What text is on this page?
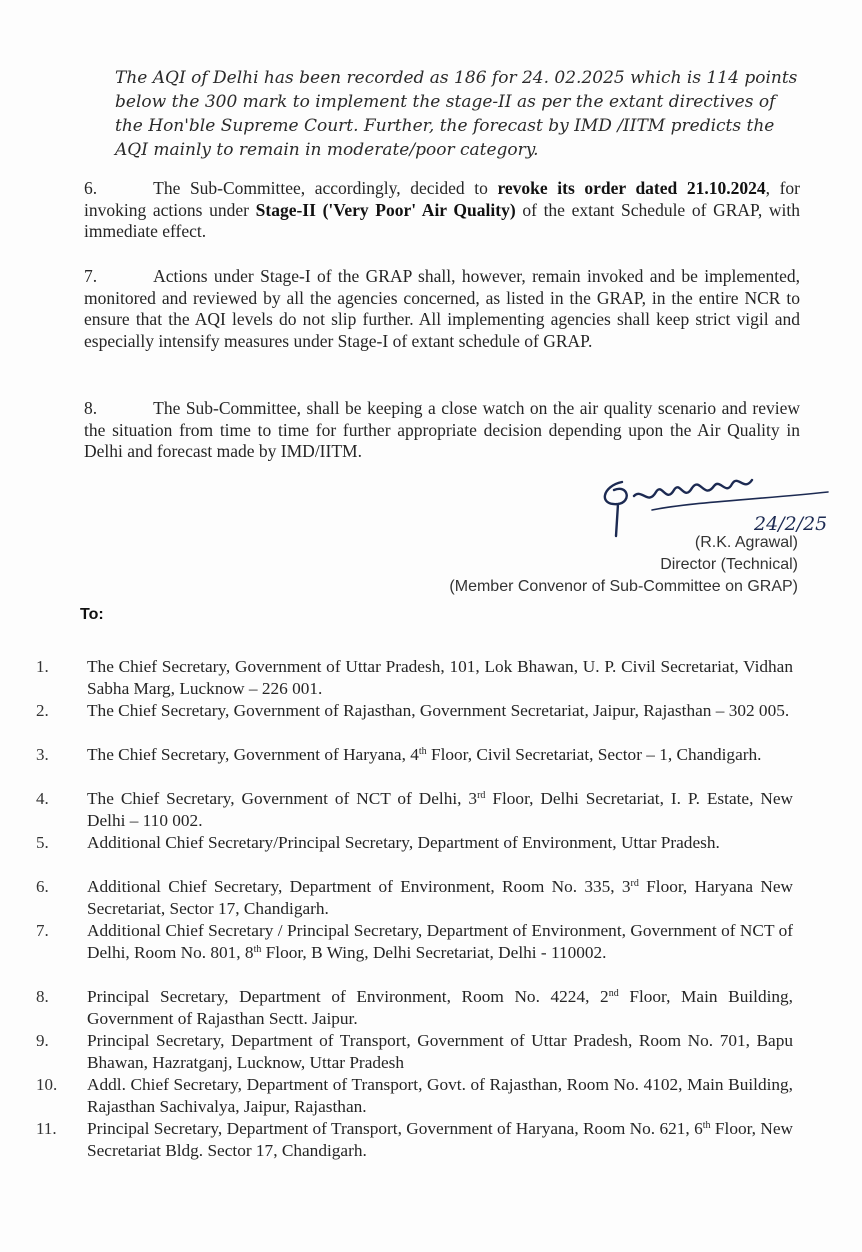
The AQI of Delhi has been recorded as 186 for 24. 02.2025 which is 114 points below the 300 mark to implement the stage-II as per the extant directives of the Hon'ble Supreme Court. Further, the forecast by IMD /IITM predicts the AQI mainly to remain in moderate/poor category.
6.	The Sub-Committee, accordingly, decided to revoke its order dated 21.10.2024, for invoking actions under Stage-II ('Very Poor' Air Quality) of the extant Schedule of GRAP, with immediate effect.
7.	Actions under Stage-I of the GRAP shall, however, remain invoked and be implemented, monitored and reviewed by all the agencies concerned, as listed in the GRAP, in the entire NCR to ensure that the AQI levels do not slip further. All implementing agencies shall keep strict vigil and especially intensify measures under Stage-I of extant schedule of GRAP.
8.	The Sub-Committee, shall be keeping a close watch on the air quality scenario and review the situation from time to time for further appropriate decision depending upon the Air Quality in Delhi and forecast made by IMD/IITM.
24/2/25
(R.K. Agrawal)
Director (Technical)
(Member Convenor of Sub-Committee on GRAP)
To:
1.	The Chief Secretary, Government of Uttar Pradesh, 101, Lok Bhawan, U. P. Civil Secretariat, Vidhan Sabha Marg, Lucknow – 226 001.
2.	The Chief Secretary, Government of Rajasthan, Government Secretariat, Jaipur, Rajasthan – 302 005.
3.	The Chief Secretary, Government of Haryana, 4th Floor, Civil Secretariat, Sector – 1, Chandigarh.
4.	The Chief Secretary, Government of NCT of Delhi, 3rd Floor, Delhi Secretariat, I. P. Estate, New Delhi – 110 002.
5.	Additional Chief Secretary/Principal Secretary, Department of Environment, Uttar Pradesh.
6.	Additional Chief Secretary, Department of Environment, Room No. 335, 3rd Floor, Haryana New Secretariat, Sector 17, Chandigarh.
7.	Additional Chief Secretary / Principal Secretary, Department of Environment, Government of NCT of Delhi, Room No. 801, 8th Floor, B Wing, Delhi Secretariat, Delhi - 110002.
8.	Principal Secretary, Department of Environment, Room No. 4224, 2nd Floor, Main Building, Government of Rajasthan Sectt. Jaipur.
9.	Principal Secretary, Department of Transport, Government of Uttar Pradesh, Room No. 701, Bapu Bhawan, Hazratganj, Lucknow, Uttar Pradesh
10.	Addl. Chief Secretary, Department of Transport, Govt. of Rajasthan, Room No. 4102, Main Building, Rajasthan Sachivalya, Jaipur, Rajasthan.
11.	Principal Secretary, Department of Transport, Government of Haryana, Room No. 621, 6th Floor, New Secretariat Bldg. Sector 17, Chandigarh.
